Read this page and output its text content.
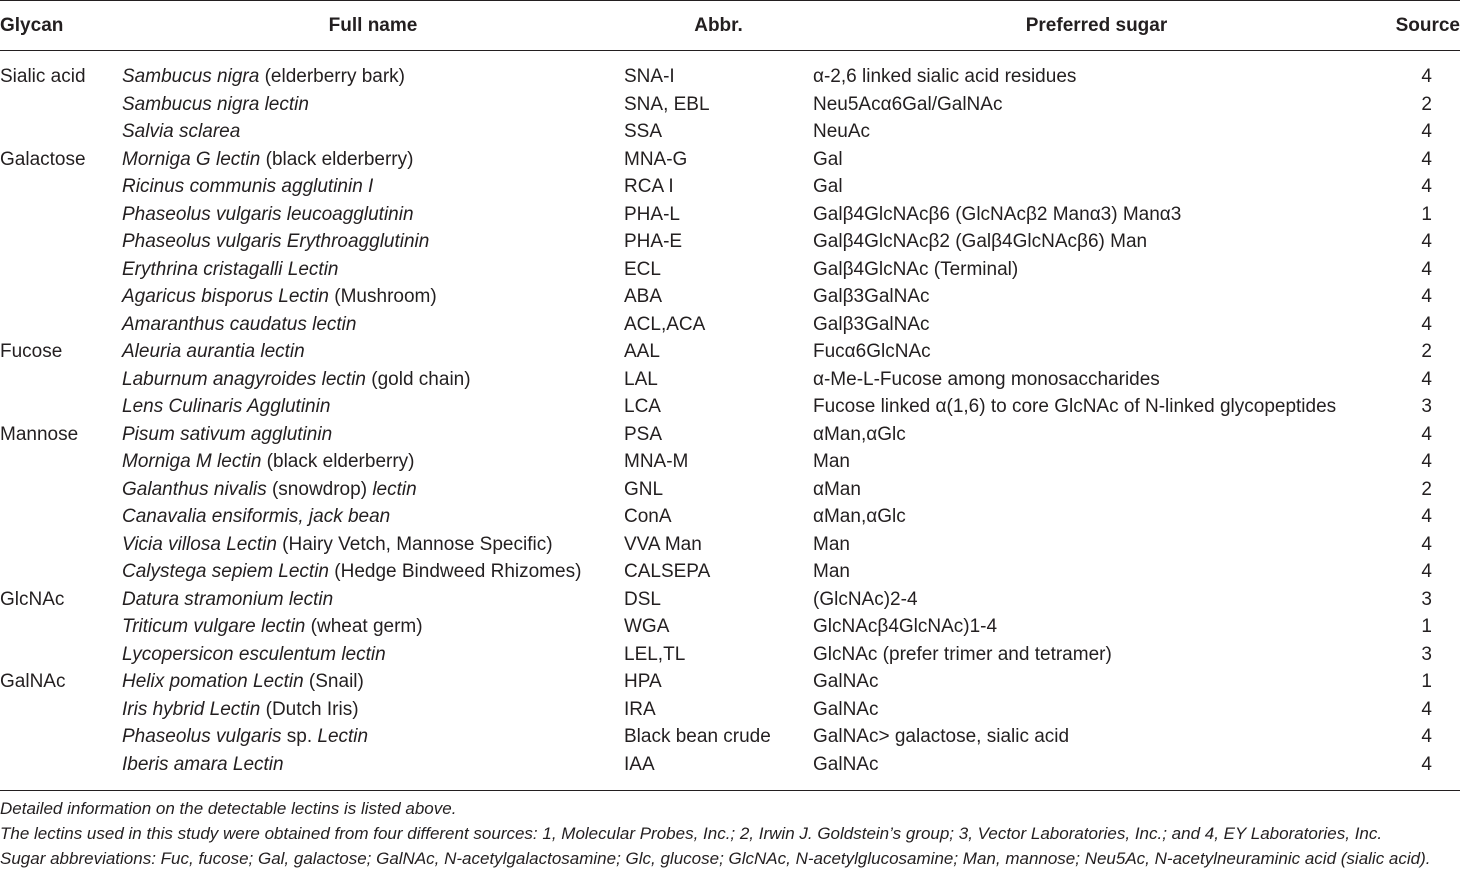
Glycan	Full name	Abbr.	Preferred sugar	Source
Sialic acid	Sambucus nigra (elderberry bark)	SNA-I	α-2,6 linked sialic acid residues	4
	Sambucus nigra lectin	SNA, EBL	Neu5Acα6Gal/GalNAc	2
	Salvia sclarea	SSA	NeuAc	4
Galactose	Morniga G lectin (black elderberry)	MNA-G	Gal	4
	Ricinus communis agglutinin I	RCA I	Gal	4
	Phaseolus vulgaris leucoagglutinin	PHA-L	Galβ4GlcNAcβ6 (GlcNAcβ2 Manα3) Manα3	1
	Phaseolus vulgaris Erythroagglutinin	PHA-E	Galβ4GlcNAcβ2 (Galβ4GlcNAcβ6) Man	4
	Erythrina cristagalli Lectin	ECL	Galβ4GlcNAc (Terminal)	4
	Agaricus bisporus Lectin (Mushroom)	ABA	Galβ3GalNAc	4
	Amaranthus caudatus lectin	ACL,ACA	Galβ3GalNAc	4
Fucose	Aleuria aurantia lectin	AAL	Fucα6GlcNAc	2
	Laburnum anagyroides lectin (gold chain)	LAL	α-Me-L-Fucose among monosaccharides	4
	Lens Culinaris Agglutinin	LCA	Fucose linked α(1,6) to core GlcNAc of N-linked glycopeptides	3
Mannose	Pisum sativum agglutinin	PSA	αMan,αGlc	4
	Morniga M lectin (black elderberry)	MNA-M	Man	4
	Galanthus nivalis (snowdrop) lectin	GNL	αMan	2
	Canavalia ensiformis, jack bean	ConA	αMan,αGlc	4
	Vicia villosa Lectin (Hairy Vetch, Mannose Specific)	VVA Man	Man	4
	Calystega sepiem Lectin (Hedge Bindweed Rhizomes)	CALSEPA	Man	4
GlcNAc	Datura stramonium lectin	DSL	(GlcNAc)2-4	3
	Triticum vulgare lectin (wheat germ)	WGA	GlcNAcβ4GlcNAc)1-4	1
	Lycopersicon esculentum lectin	LEL,TL	GlcNAc (prefer trimer and tetramer)	3
GalNAc	Helix pomation Lectin (Snail)	HPA	GalNAc	1
	Iris hybrid Lectin (Dutch Iris)	IRA	GalNAc	4
	Phaseolus vulgaris sp. Lectin	Black bean crude	GalNAc> galactose, sialic acid	4
	Iberis amara Lectin	IAA	GalNAc	4

Detailed information on the detectable lectins is listed above.

The lectins used in this study were obtained from four different sources: 1, Molecular Probes, Inc.; 2, Irwin J. Goldstein’s group; 3, Vector Laboratories, Inc.; and 4, EY Laboratories, Inc.

Sugar abbreviations: Fuc, fucose; Gal, galactose; GalNAc, N-acetylgalactosamine; Glc, glucose; GlcNAc, N-acetylglucosamine; Man, mannose; Neu5Ac, N-acetylneuraminic acid (sialic acid).
